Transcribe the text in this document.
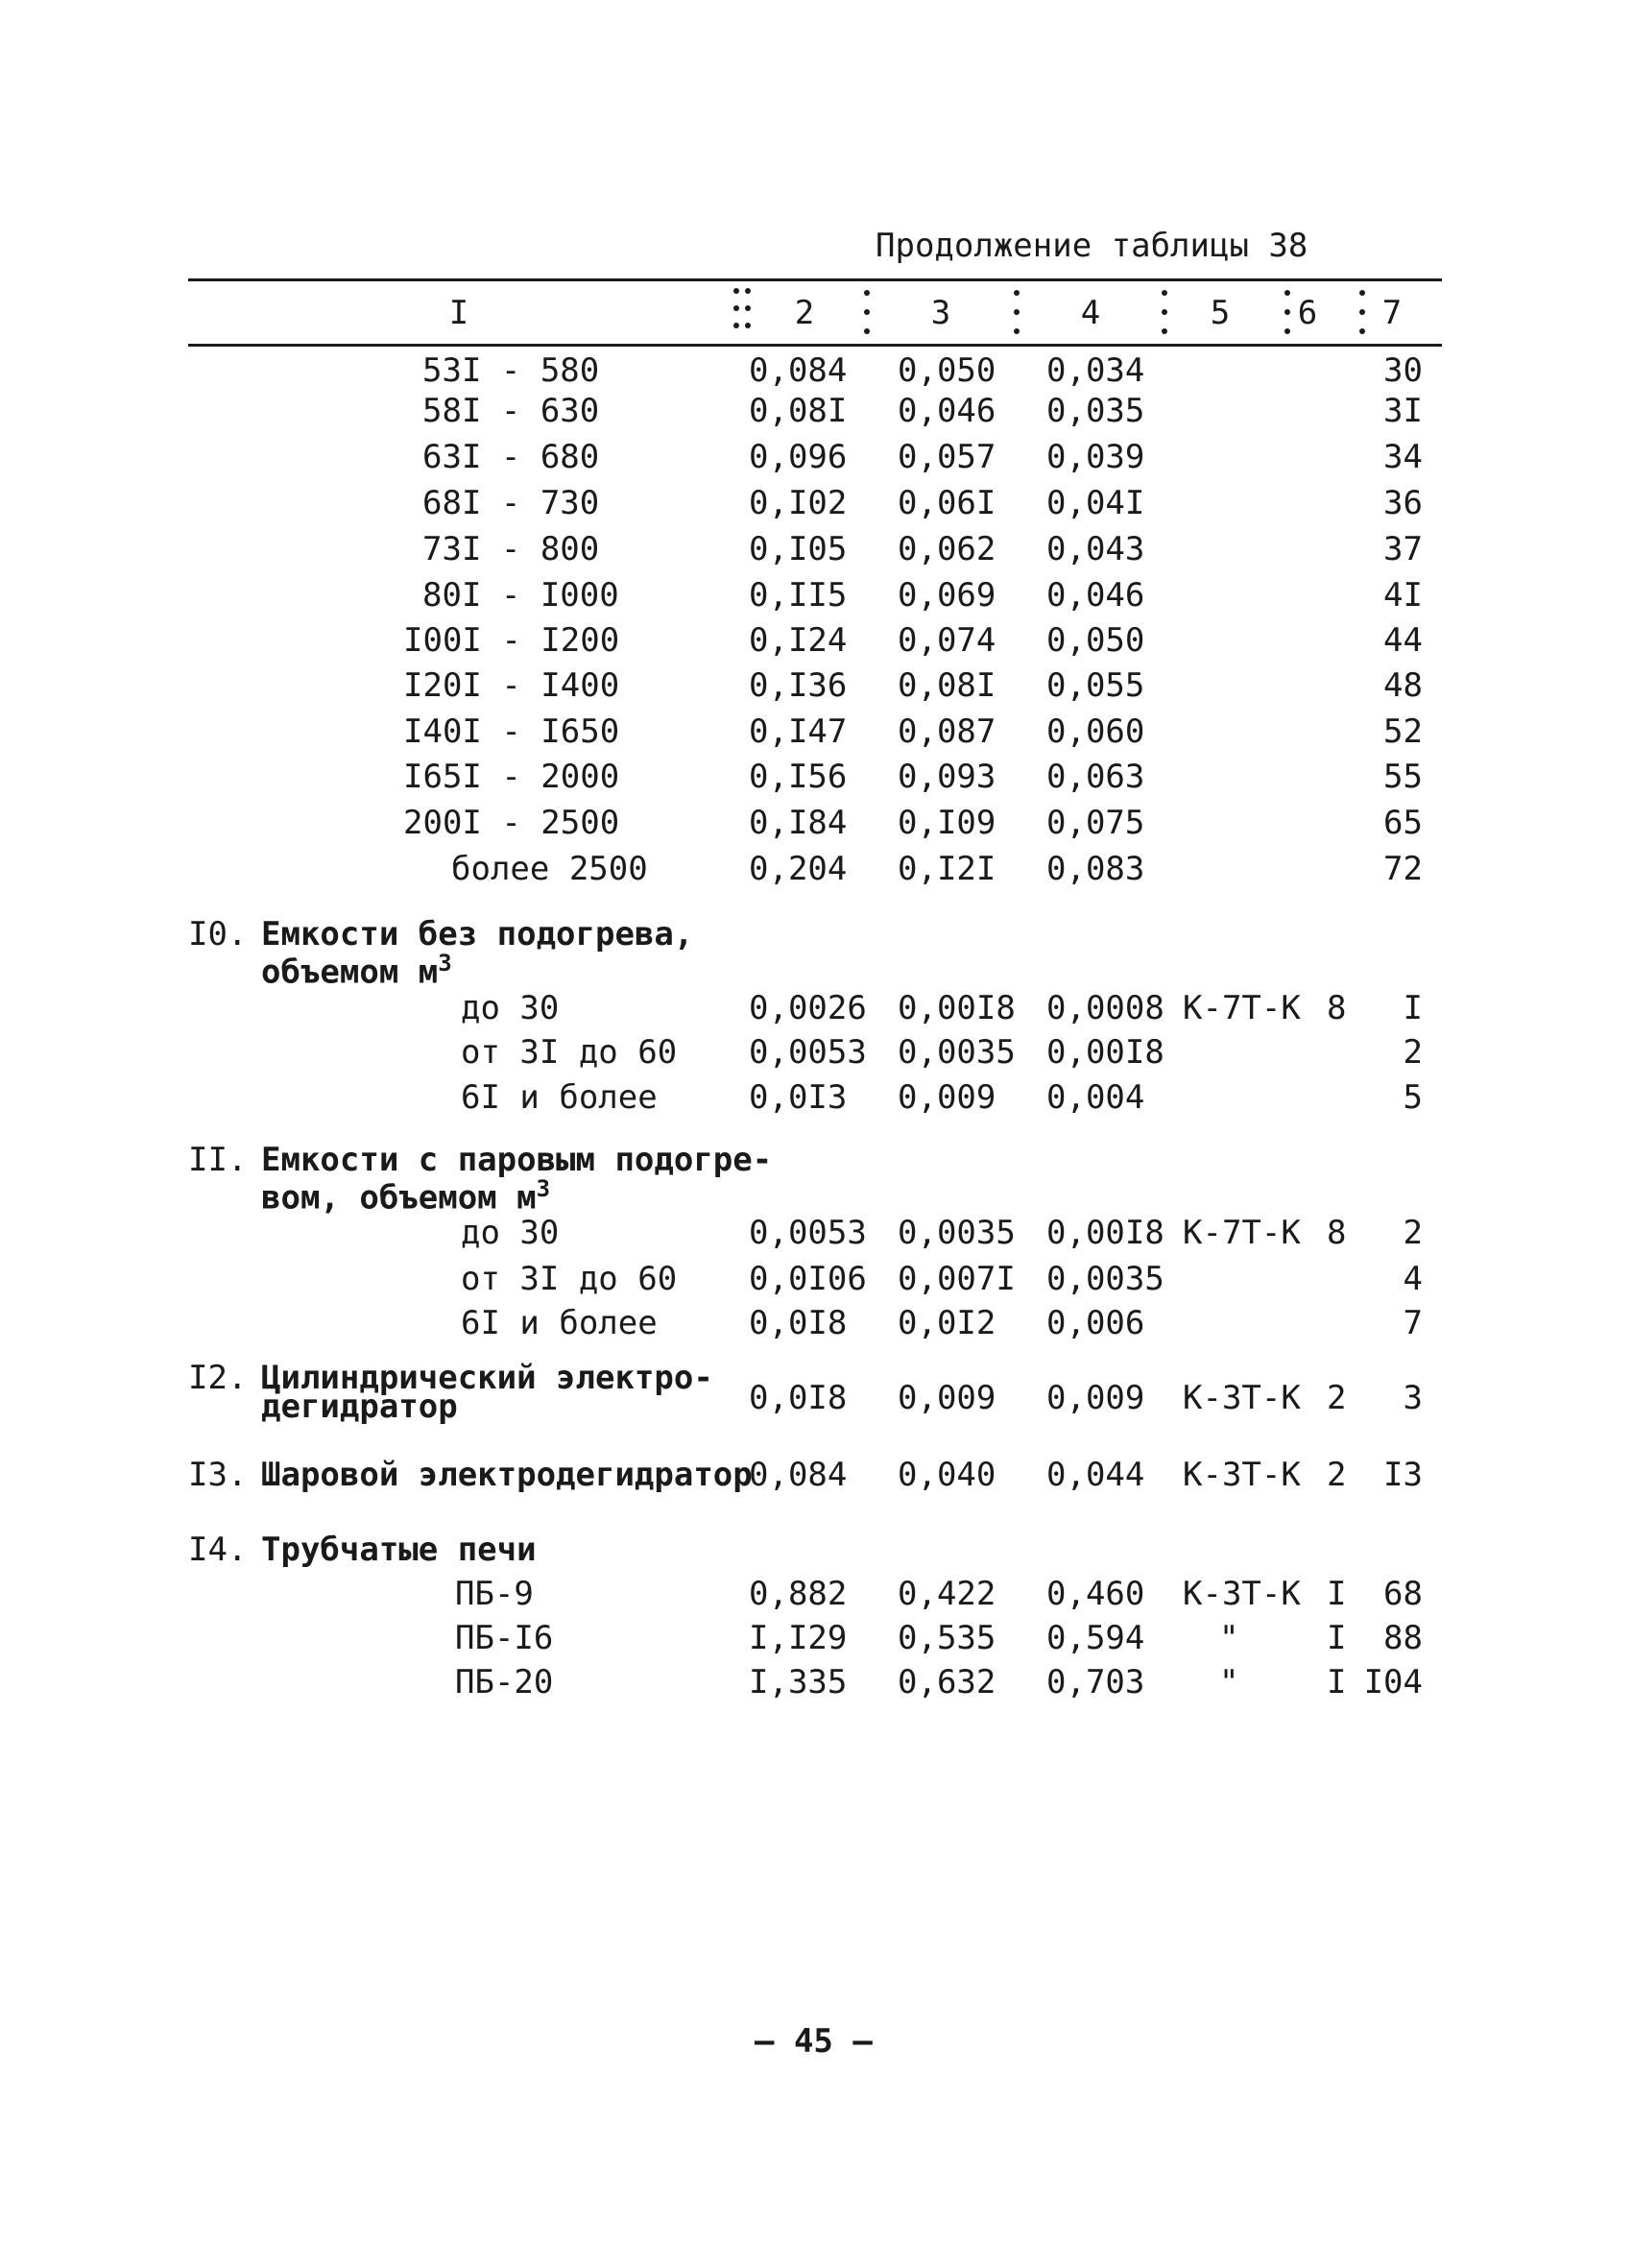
Продолжение таблицы 38
I	2	3	4	5	6	7
53I - 580	0,084 0,050 0,034	30
58I - 630	0,08I 0,046 0,035	3I
63I - 680	0,096 0,057 0,039	34
68I - 730	0,I02 0,06I 0,04I	36
73I - 800	0,I05 0,062 0,043	37
80I - I000	0,II5 0,069 0,046	4I
I00I - I200	0,I24 0,074 0,050	44
I20I - I400	0,I36 0,08I 0,055	48
I40I - I650	0,I47 0,087 0,060	52
I65I - 2000	0,I56 0,093 0,063	55
200I - 2500	0,I84 0,I09 0,075	65
более 2500	0,204 0,I2I 0,083	72
I0. Емкости без подогрева,
объемом $м^3$
до 30	0,0026 0,00I8 0,0008 К-7Т-К 8 I
от 3I до 60	0,0053 0,0035 0,00I8	2
6I и более	0,0I3 0,009 0,004	5
II. Емкости с паровым подогре-
вом, объемом $м^3$
до 30	0,0053 0,0035 0,00I8 К-7Т-К 8 2
от 3I до 60	0,0I06 0,007I 0,0035	4
6I и более	0,0I8 0,0I2 0,006	7
I2. Цилиндрический электро-
дегидратор	0,0I8 0,009 0,009 К-3Т-К 2 3
I3. Шаровой электродегидратор
0,084 0,040 0,044 К-3Т-К 2 I3
I4. Трубчатые печи
ПБ-9	0,882 0,422 0,460 К-3Т-К I 68
ПБ-I6	I,I29 0,535 0,594 "	I 88
ПБ-20	I,335 0,632 0,703 "	I I04
– 45 –
